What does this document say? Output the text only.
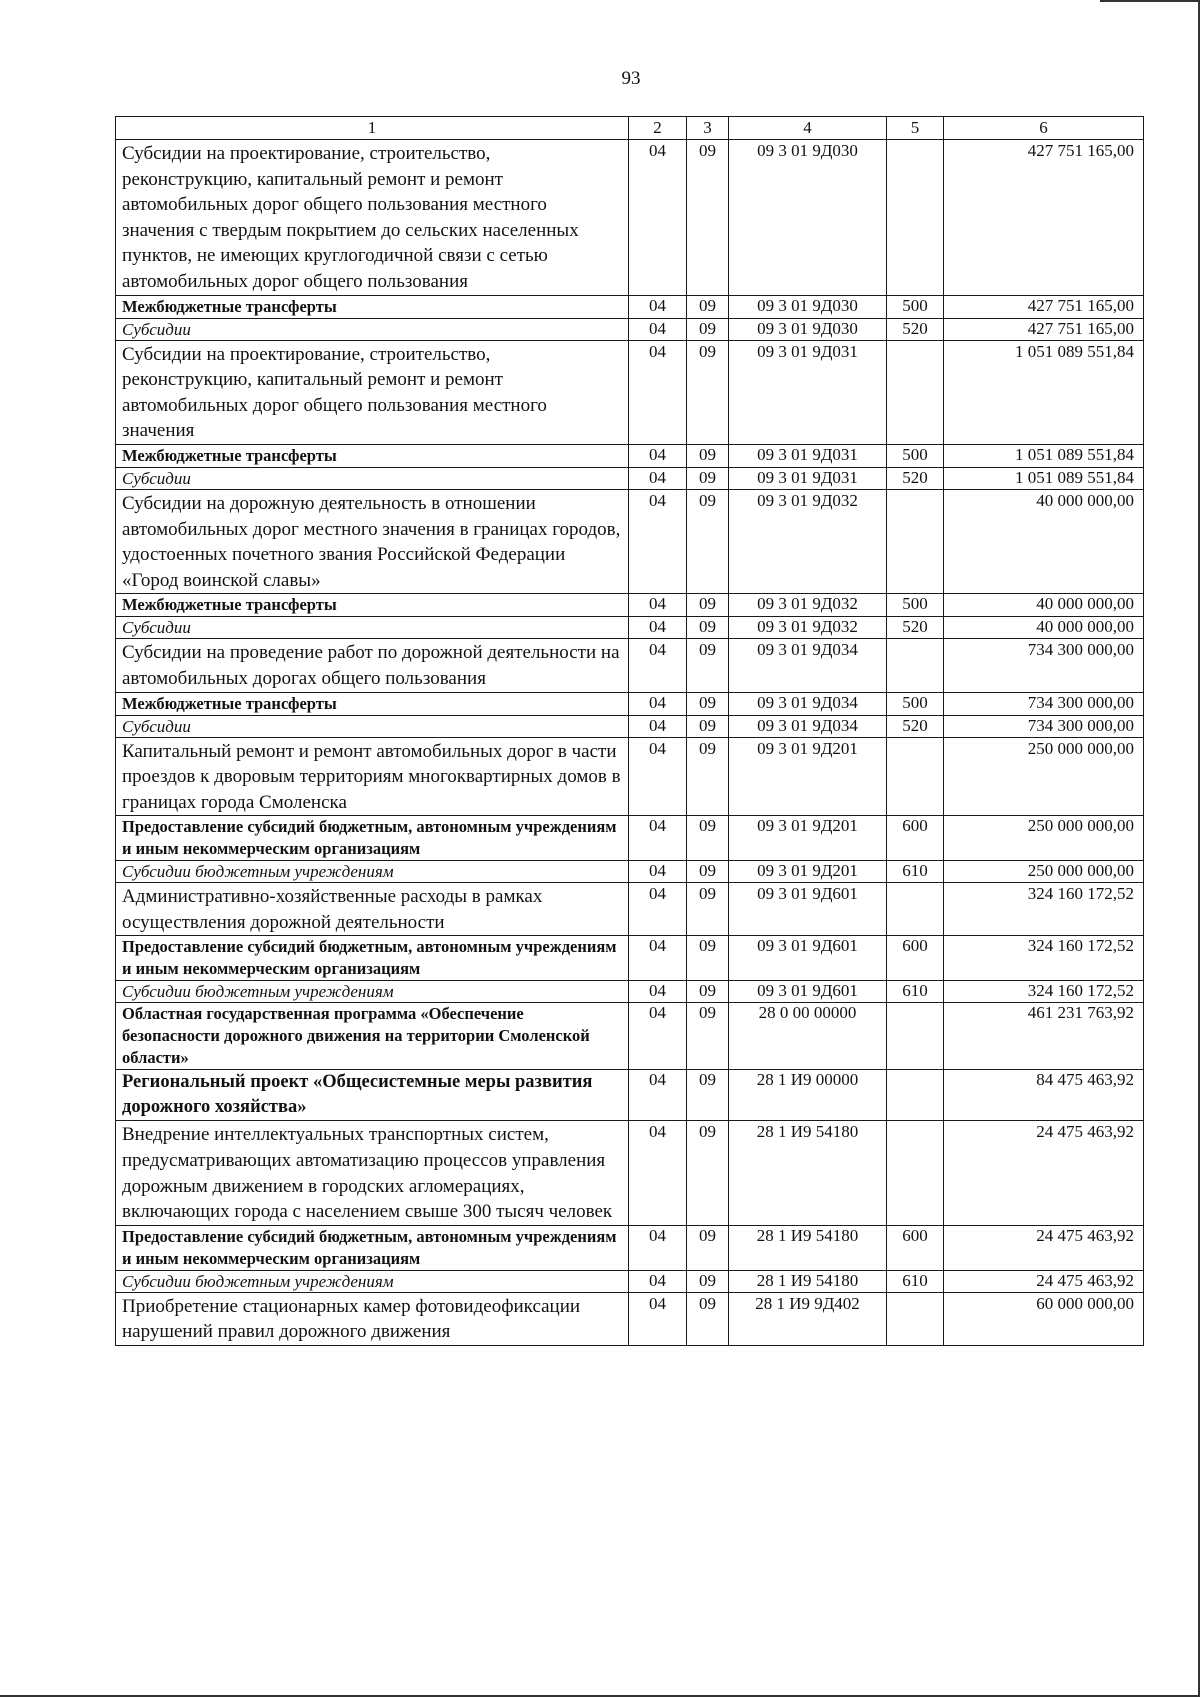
93
1	2	3	4	5	6
Субсидии на проектирование, строительство, реконструкцию, капитальный ремонт и ремонт автомобильных дорог общего пользования местного значения с твердым покрытием до сельских населенных пунктов, не имеющих круглогодичной связи с сетью автомобильных дорог общего пользования	04	09	09 3 01 9Д030		427 751 165,00
Межбюджетные трансферты	04	09	09 3 01 9Д030	500	427 751 165,00
Субсидии	04	09	09 3 01 9Д030	520	427 751 165,00
Субсидии на проектирование, строительство, реконструкцию, капитальный ремонт и ремонт автомобильных дорог общего пользования местного значения	04	09	09 3 01 9Д031		1 051 089 551,84
Межбюджетные трансферты	04	09	09 3 01 9Д031	500	1 051 089 551,84
Субсидии	04	09	09 3 01 9Д031	520	1 051 089 551,84
Субсидии на дорожную деятельность в отношении автомобильных дорог местного значения в границах городов, удостоенных почетного звания Российской Федерации «Город воинской славы»	04	09	09 3 01 9Д032		40 000 000,00
Межбюджетные трансферты	04	09	09 3 01 9Д032	500	40 000 000,00
Субсидии	04	09	09 3 01 9Д032	520	40 000 000,00
Субсидии на проведение работ по дорожной деятельности на автомобильных дорогах общего пользования	04	09	09 3 01 9Д034		734 300 000,00
Межбюджетные трансферты	04	09	09 3 01 9Д034	500	734 300 000,00
Субсидии	04	09	09 3 01 9Д034	520	734 300 000,00
Капитальный ремонт и ремонт автомобильных дорог в части проездов к дворовым территориям многоквартирных домов в границах города Смоленска	04	09	09 3 01 9Д201		250 000 000,00
Предоставление субсидий бюджетным, автономным учреждениям и иным некоммерческим организациям	04	09	09 3 01 9Д201	600	250 000 000,00
Субсидии бюджетным учреждениям	04	09	09 3 01 9Д201	610	250 000 000,00
Административно-хозяйственные расходы в рамках осуществления дорожной деятельности	04	09	09 3 01 9Д601		324 160 172,52
Предоставление субсидий бюджетным, автономным учреждениям и иным некоммерческим организациям	04	09	09 3 01 9Д601	600	324 160 172,52
Субсидии бюджетным учреждениям	04	09	09 3 01 9Д601	610	324 160 172,52
Областная государственная программа «Обеспечение безопасности дорожного движения на территории Смоленской области»	04	09	28 0 00 00000		461 231 763,92
Региональный проект «Общесистемные меры развития дорожного хозяйства»	04	09	28 1 И9 00000		84 475 463,92
Внедрение интеллектуальных транспортных систем, предусматривающих автоматизацию процессов управления дорожным движением в городских агломерациях, включающих города с населением свыше 300 тысяч человек	04	09	28 1 И9 54180		24 475 463,92
Предоставление субсидий бюджетным, автономным учреждениям и иным некоммерческим организациям	04	09	28 1 И9 54180	600	24 475 463,92
Субсидии бюджетным учреждениям	04	09	28 1 И9 54180	610	24 475 463,92
Приобретение стационарных камер фотовидеофиксации нарушений правил дорожного движения	04	09	28 1 И9 9Д402		60 000 000,00
